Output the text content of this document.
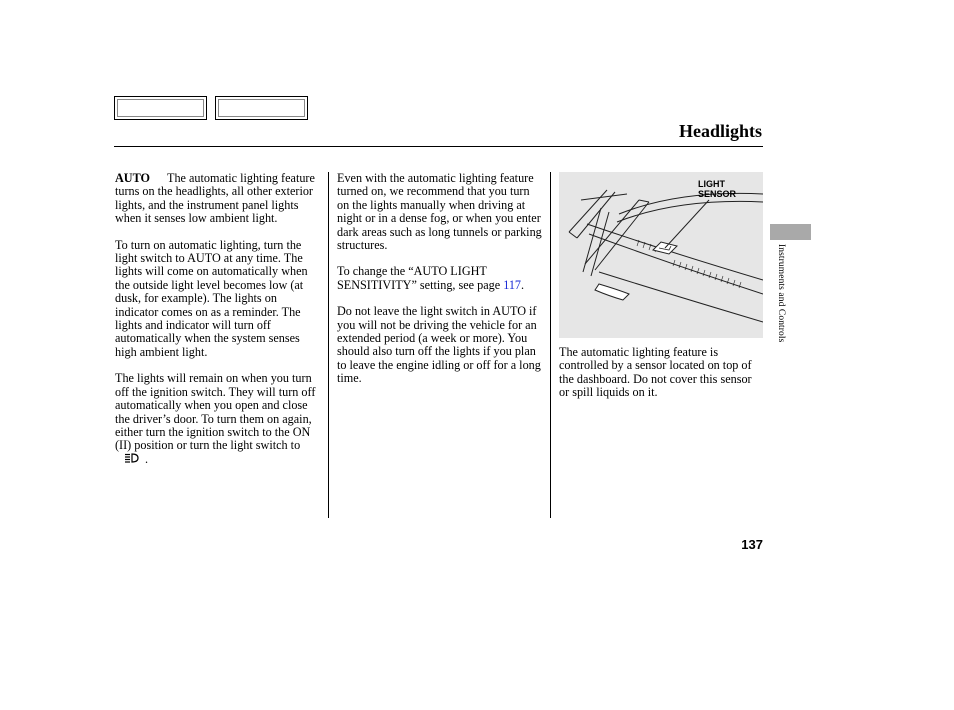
Headlights

AUTO The automatic lighting feature turns on the headlights, all other exterior lights, and the instrument panel lights when it senses low ambient light.

To turn on automatic lighting, turn the light switch to AUTO at any time. The lights will come on automatically when the outside light level becomes low (at dusk, for example). The lights on indicator comes on as a reminder. The lights and indicator will turn off automatically when the system senses high ambient light.

The lights will remain on when you turn off the ignition switch. They will turn off automatically when you open and close the driver’s door. To turn them on again, either turn the ignition switch to the ON (II) position or turn the light switch to
.

Even with the automatic lighting feature turned on, we recommend that you turn on the lights manually when driving at night or in a dense fog, or when you enter dark areas such as long tunnels or parking structures.

To change the “AUTO LIGHT SENSITIVITY” setting, see page 117.

Do not leave the light switch in AUTO if you will not be driving the vehicle for an extended period (a week or more). You should also turn off the lights if you plan to leave the engine idling or off for a long time.

LIGHT
SENSOR
The automatic lighting feature is controlled by a sensor located on top of the dashboard. Do not cover this sensor or spill liquids on it.
Instruments and Controls
137
